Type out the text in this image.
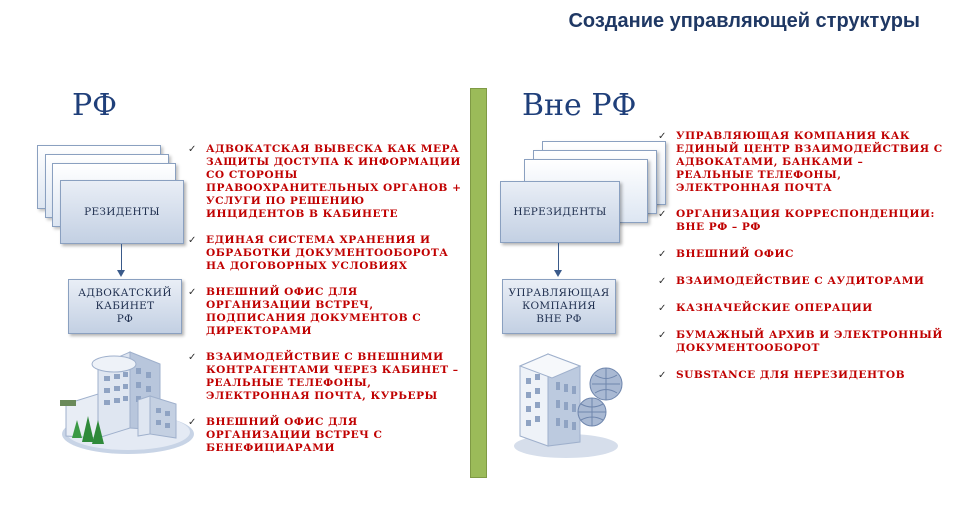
Создание управляющей структуры
РФ
РЕЗИДЕНТЫ
АДВОКАТСКИЙ
КАБИНЕТ
РФ
✓ АДВОКАТСКАЯ ВЫВЕСКА КАК МЕРА ЗАЩИТЫ ДОСТУПА К ИНФОРМАЦИИ СО СТОРОНЫ ПРАВООХРАНИТЕЛЬНЫХ ОРГАНОВ + УСЛУГИ ПО РЕШЕНИЮ ИНЦИДЕНТОВ В КАБИНЕТЕ
✓ ЕДИНАЯ СИСТЕМА ХРАНЕНИЯ И ОБРАБОТКИ ДОКУМЕНТООБОРОТА НА ДОГОВОРНЫХ УСЛОВИЯХ
✓ ВНЕШНИЙ ОФИС ДЛЯ ОРГАНИЗАЦИИ ВСТРЕЧ, ПОДПИСАНИЯ ДОКУМЕНТОВ С ДИРЕКТОРАМИ
✓ ВЗАИМОДЕЙСТВИЕ С ВНЕШНИМИ КОНТРАГЕНТАМИ ЧЕРЕЗ КАБИНЕТ – РЕАЛЬНЫЕ ТЕЛЕФОНЫ, ЭЛЕКТРОННАЯ ПОЧТА, КУРЬЕРЫ
✓ ВНЕШНИЙ ОФИС ДЛЯ ОРГАНИЗАЦИИ ВСТРЕЧ С БЕНЕФИЦИАРАМИ
Вне РФ
НЕРЕЗИДЕНТЫ
УПРАВЛЯЮЩАЯ
КОМПАНИЯ
ВНЕ РФ
✓ УПРАВЛЯЮЩАЯ КОМПАНИЯ КАК ЕДИНЫЙ ЦЕНТР ВЗАИМОДЕЙСТВИЯ С АДВОКАТАМИ, БАНКАМИ – РЕАЛЬНЫЕ ТЕЛЕФОНЫ, ЭЛЕКТРОННАЯ ПОЧТА
✓ ОРГАНИЗАЦИЯ КОРРЕСПОНДЕНЦИИ: ВНЕ РФ – РФ
✓ ВНЕШНИЙ ОФИС
✓ ВЗАИМОДЕЙСТВИЕ С АУДИТОРАМИ
✓ КАЗНАЧЕЙСКИЕ ОПЕРАЦИИ
✓ БУМАЖНЫЙ АРХИВ И ЭЛЕКТРОННЫЙ ДОКУМЕНТООБОРОТ
✓ SUBSTANCE ДЛЯ НЕРЕЗИДЕНТОВ
